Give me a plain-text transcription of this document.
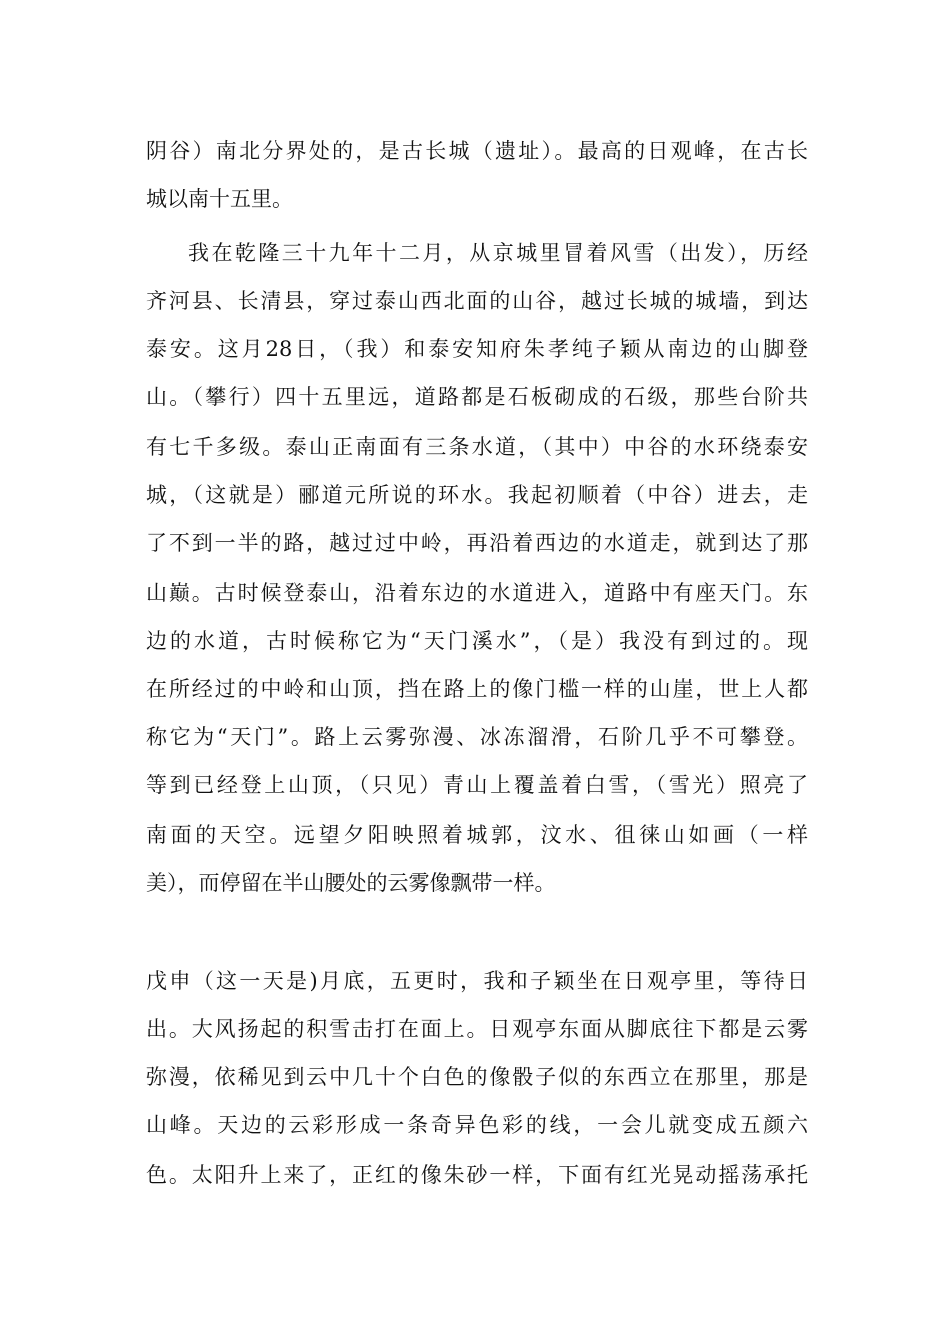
阴谷）南北分界处的，是古长城（遗址）。最高的日观峰，在古长
城以南十五里。
我在乾隆三十九年十二月，从京城里冒着风雪（出发），历经
齐河县、长清县，穿过泰山西北面的山谷，越过长城的城墙，到达
泰安。这月28日，（我）和泰安知府朱孝纯子颖从南边的山脚登
山。（攀行）四十五里远，道路都是石板砌成的石级，那些台阶共
有七千多级。泰山正南面有三条水道，（其中）中谷的水环绕泰安
城，（这就是）郦道元所说的环水。我起初顺着（中谷）进去，走
了不到一半的路，越过过中岭，再沿着西边的水道走，就到达了那
山巅。古时候登泰山，沿着东边的水道进入，道路中有座天门。东
边的水道，古时候称它为“天门溪水”，（是）我没有到过的。现
在所经过的中岭和山顶，挡在路上的像门槛一样的山崖，世上人都
称它为“天门”。路上云雾弥漫、冰冻溜滑，石阶几乎不可攀登。
等到已经登上山顶，（只见）青山上覆盖着白雪，（雪光）照亮了
南面的天空。远望夕阳映照着城郭，汶水、徂徕山如画（一样
美），而停留在半山腰处的云雾像飘带一样。
戊申（这一天是)月底，五更时，我和子颖坐在日观亭里，等待日
出。大风扬起的积雪击打在面上。日观亭东面从脚底往下都是云雾
弥漫，依稀见到云中几十个白色的像骰子似的东西立在那里，那是
山峰。天边的云彩形成一条奇异色彩的线，一会儿就变成五颜六
色。太阳升上来了，正红的像朱砂一样，下面有红光晃动摇荡承托
